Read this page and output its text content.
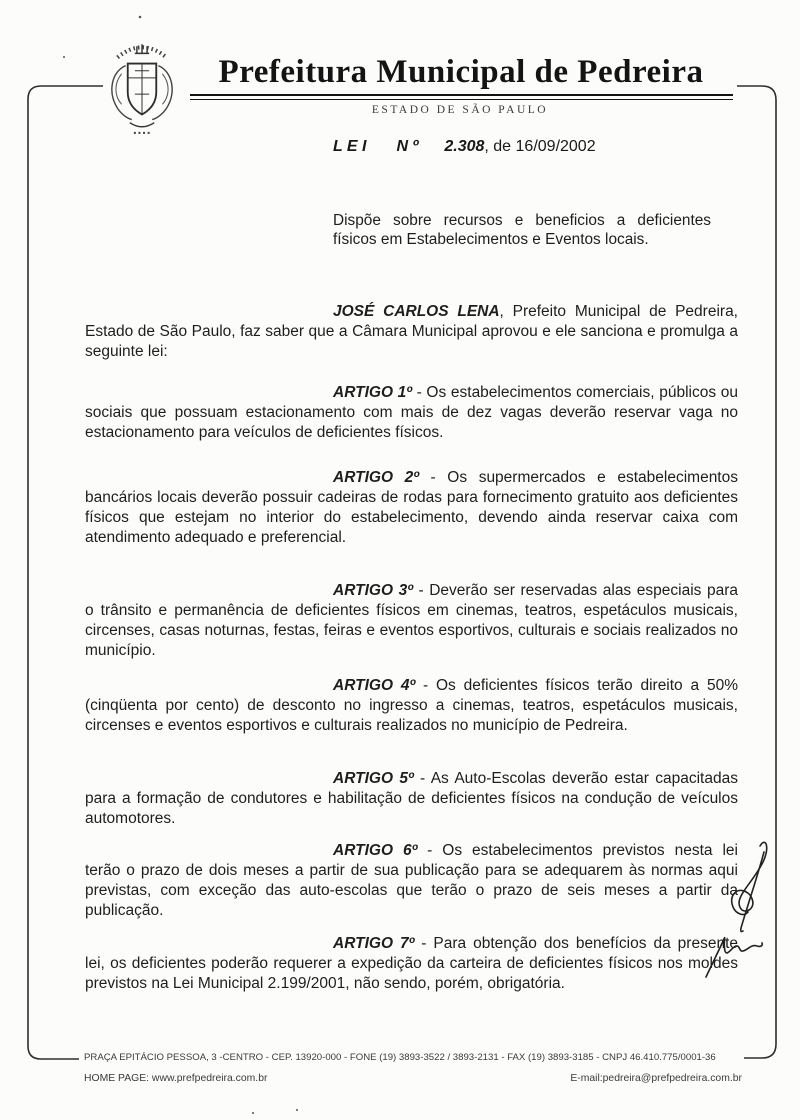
Prefeitura Municipal de Pedreira
ESTADO DE SÃO PAULO
L E I N º 2.308, de 16/09/2002

Dispõe sobre recursos e beneficios a deficientes físicos em Estabelecimentos e Eventos locais.

JOSÉ CARLOS LENA, Prefeito Municipal de Pedreira, Estado de São Paulo, faz saber que a Câmara Municipal aprovou e ele sanciona e promulga a seguinte lei:

ARTIGO 1º - Os estabelecimentos comerciais, públicos ou sociais que possuam estacionamento com mais de dez vagas deverão reservar vaga no estacionamento para veículos de deficientes físicos.

ARTIGO 2º - Os supermercados e estabelecimentos bancários locais deverão possuir cadeiras de rodas para fornecimento gratuito aos deficientes físicos que estejam no interior do estabelecimento, devendo ainda reservar caixa com atendimento adequado e preferencial.

ARTIGO 3º - Deverão ser reservadas alas especiais para o trânsito e permanência de deficientes físicos em cinemas, teatros, espetáculos musicais, circenses, casas noturnas, festas, feiras e eventos esportivos, culturais e sociais realizados no município.

ARTIGO 4º - Os deficientes físicos terão direito a 50% (cinqüenta por cento) de desconto no ingresso a cinemas, teatros, espetáculos musicais, circenses e eventos esportivos e culturais realizados no município de Pedreira.

ARTIGO 5º - As Auto-Escolas deverão estar capacitadas para a formação de condutores e habilitação de deficientes físicos na condução de veículos automotores.

ARTIGO 6º - Os estabelecimentos previstos nesta lei terão o prazo de dois meses a partir de sua publicação para se adequarem às normas aqui previstas, com exceção das auto-escolas que terão o prazo de seis meses a partir da publicação.

ARTIGO 7º - Para obtenção dos benefícios da presente lei, os deficientes poderão requerer a expedição da carteira de deficientes físicos nos moldes previstos na Lei Municipal 2.199/2001, não sendo, porém, obrigatória.

PRAÇA EPITÁCIO PESSOA, 3 -CENTRO - CEP. 13920-000 - FONE (19) 3893-3522 / 3893-2131 - FAX (19) 3893-3185 - CNPJ 46.410.775/0001-36
HOME PAGE: www.prefpedreira.com.br	E-mail:pedreira@prefpedreira.com.br
